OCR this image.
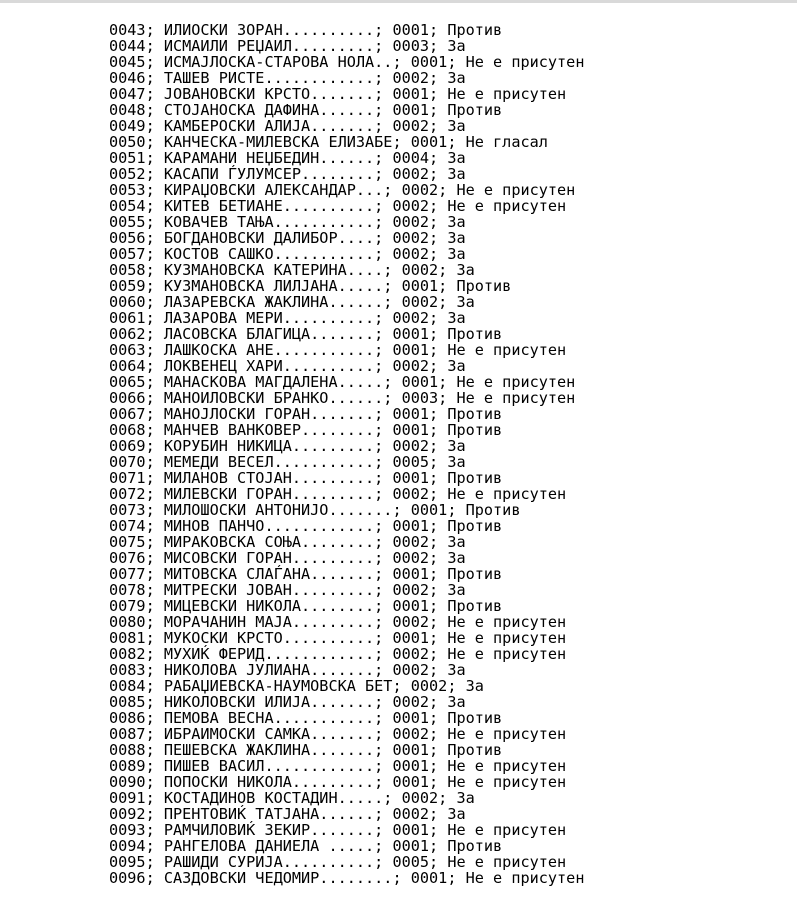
0043; ИЛИОСКИ ЗОРАН..........; 0001; Против
0044; ИСМАИЛИ РЕЏАИЛ.........; 0003; За
0045; ИСМАЈЛОСКА-СТАРОВА НОЛА..; 0001; Не е присутен
0046; ТАШЕВ РИСТЕ............; 0002; За
0047; ЈОВАНОВСКИ КРСТО.......; 0001; Не е присутен
0048; СТОЈАНОСКА ДАФИНА......; 0001; Против
0049; КАМБЕРОСКИ АЛИЈА.......; 0002; За
0050; КАНЧЕСКА-МИЛЕВСКА ЕЛИЗАБЕ; 0001; Не гласал
0051; КАРАМАНИ НЕЏБЕДИН......; 0004; За
0052; КАСАПИ ЃУЛУМСЕР........; 0002; За
0053; КИРАЏОВСКИ АЛЕКСАНДАР...; 0002; Не е присутен
0054; КИТЕВ БЕТИАНЕ..........; 0002; Не е присутен
0055; КОВАЧЕВ ТАЊА...........; 0002; За
0056; БОГДАНОВСКИ ДАЛИБОР....; 0002; За
0057; КОСТОВ САШКО...........; 0002; За
0058; КУЗМАНОВСКА КАТЕРИНА....; 0002; За
0059; КУЗМАНОВСКА ЛИЛЈАНА.....; 0001; Против
0060; ЛАЗАРЕВСКА ЖАКЛИНА......; 0002; За
0061; ЛАЗАРОВА МЕРИ..........; 0002; За
0062; ЛАСОВСКА БЛАГИЦА.......; 0001; Против
0063; ЛАШКОСКА АНЕ...........; 0001; Не е присутен
0064; ЛОКВЕНЕЦ ХАРИ..........; 0002; За
0065; МАНАСКОВА МАГДАЛЕНА.....; 0001; Не е присутен
0066; МАНОИЛОВСКИ БРАНКО......; 0003; Не е присутен
0067; МАНОЈЛОСКИ ГОРАН.......; 0001; Против
0068; МАНЧЕВ ВАНКОВЕР........; 0001; Против
0069; КОРУБИН НИКИЦА.........; 0002; За
0070; МЕМЕДИ ВЕСЕЛ...........; 0005; За
0071; МИЛАНОВ СТОЈАН.........; 0001; Против
0072; МИЛЕВСКИ ГОРАН.........; 0002; Не е присутен
0073; МИЛОШОСКИ АНТОНИЈО.......; 0001; Против
0074; МИНОВ ПАНЧО............; 0001; Против
0075; МИРАКОВСКА СОЊА........; 0002; За
0076; МИСОВСКИ ГОРАН.........; 0002; За
0077; МИТОВСКА СЛАЃАНА.......; 0001; Против
0078; МИТРЕСКИ ЈОВАН.........; 0002; За
0079; МИЦЕВСКИ НИКОЛА........; 0001; Против
0080; МОРАЧАНИН МАЈА.........; 0002; Не е присутен
0081; МУКОСКИ КРСТО..........; 0001; Не е присутен
0082; МУХИЌ ФЕРИД............; 0002; Не е присутен
0083; НИКОЛОВА ЈУЛИАНА.......; 0002; За
0084; РАБАЏИЕВСКА-НАУМОВСКА БЕТ; 0002; За
0085; НИКОЛОВСКИ ИЛИЈА.......; 0002; За
0086; ПЕМОВА ВЕСНА...........; 0001; Против
0087; ИБРАИМОСКИ САМКА.......; 0002; Не е присутен
0088; ПЕШЕВСКА ЖАКЛИНА.......; 0001; Против
0089; ПИШЕВ ВАСИЛ............; 0001; Не е присутен
0090; ПОПОСКИ НИКОЛА.........; 0001; Не е присутен
0091; КОСТАДИНОВ КОСТАДИН.....; 0002; За
0092; ПРЕНТОВИЌ ТАТЈАНА......; 0002; За
0093; РАМЧИЛОВИЌ ЗЕКИР.......; 0001; Не е присутен
0094; РАНГЕЛОВА ДАНИЕЛА .....; 0001; Против
0095; РАШИДИ СУРИЈА..........; 0005; Не е присутен
0096; САЗДОВСКИ ЧЕДОМИР........; 0001; Не е присутен
